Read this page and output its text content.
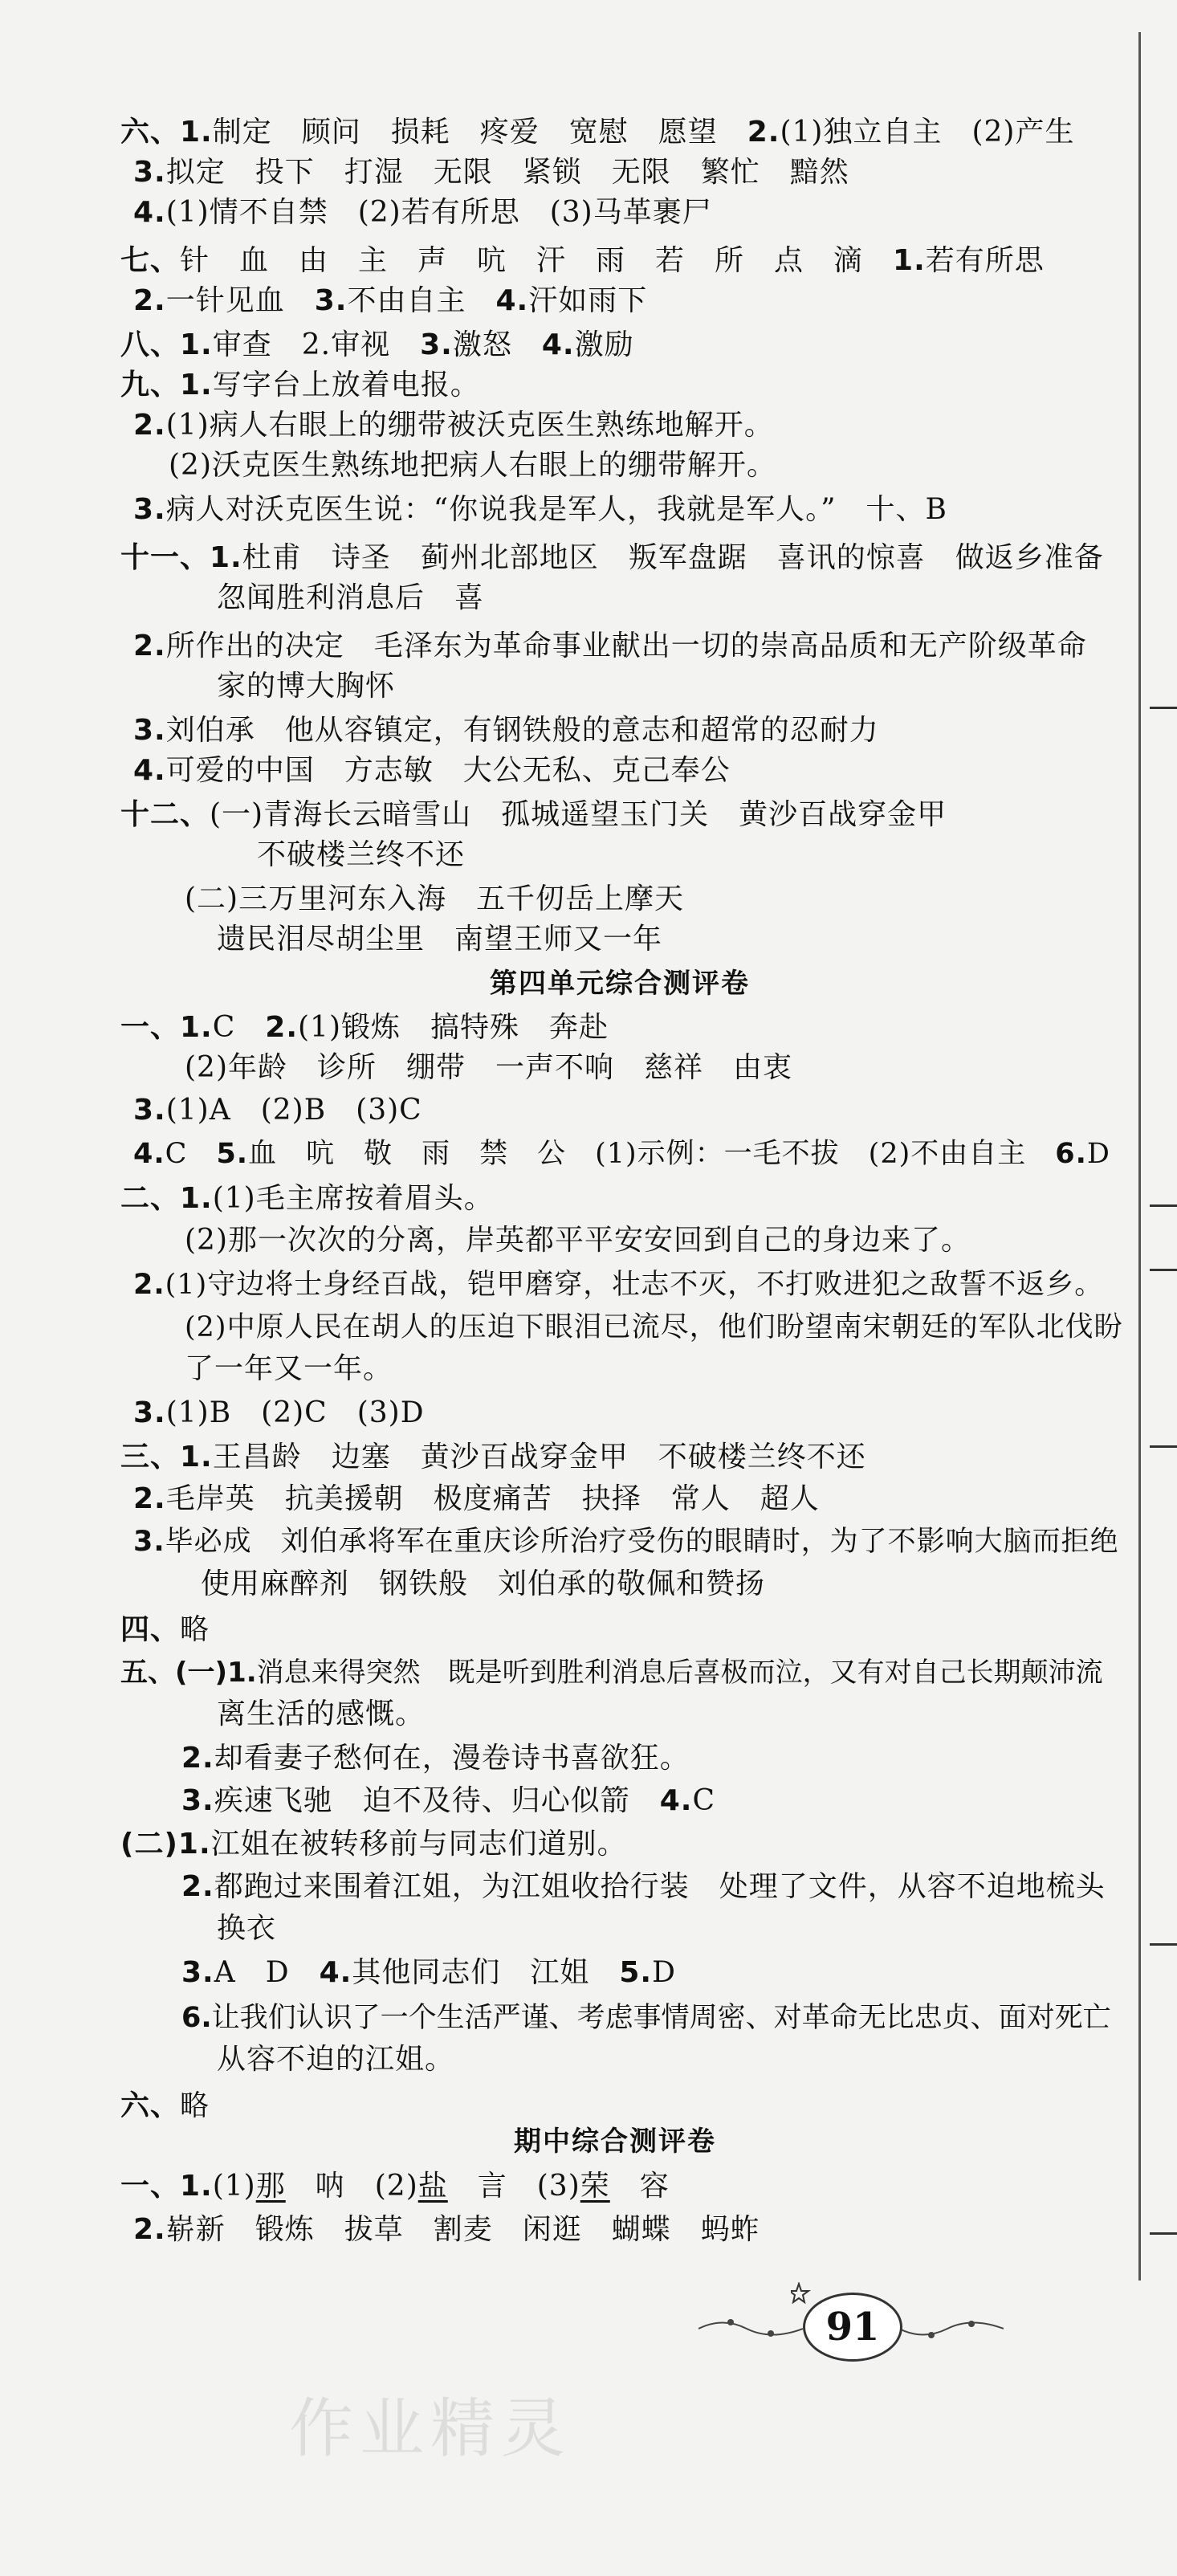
六、1.制定　顾问　损耗　疼爱　宽慰　愿望　2.(1)独立自主　(2)产生

3.拟定　投下　打湿　无限　紧锁　无限　繁忙　黯然

4.(1)情不自禁　(2)若有所思　(3)马革裹尸

七、针　血　由　主　声　吭　汗　雨　若　所　点　滴　1.若有所思

2.一针见血　3.不由自主　4.汗如雨下

八、1.审查　2.审视　3.激怒　4.激励

九、1.写字台上放着电报。

2.(1)病人右眼上的绷带被沃克医生熟练地解开。

(2)沃克医生熟练地把病人右眼上的绷带解开。

3.病人对沃克医生说：“你说我是军人，我就是军人。”　十、B

十一、1.杜甫　诗圣　蓟州北部地区　叛军盘踞　喜讯的惊喜　做返乡准备

忽闻胜利消息后　喜

2.所作出的决定　毛泽东为革命事业献出一切的崇高品质和无产阶级革命

家的博大胸怀

3.刘伯承　他从容镇定，有钢铁般的意志和超常的忍耐力

4.可爱的中国　方志敏　大公无私、克己奉公

十二、(一)青海长云暗雪山　孤城遥望玉门关　黄沙百战穿金甲

不破楼兰终不还

(二)三万里河东入海　五千仞岳上摩天

遗民泪尽胡尘里　南望王师又一年

一、1.C　2.(1)锻炼　搞特殊　奔赴

(2)年龄　诊所　绷带　一声不响　慈祥　由衷

3.(1)A　(2)B　(3)C

4.C　5.血　吭　敬　雨　禁　公　(1)示例：一毛不拔　(2)不由自主　6.D

二、1.(1)毛主席按着眉头。

(2)那一次次的分离，岸英都平平安安回到自己的身边来了。

2.(1)守边将士身经百战，铠甲磨穿，壮志不灭，不打败进犯之敌誓不返乡。

(2)中原人民在胡人的压迫下眼泪已流尽，他们盼望南宋朝廷的军队北伐盼

了一年又一年。

3.(1)B　(2)C　(3)D

三、1.王昌龄　边塞　黄沙百战穿金甲　不破楼兰终不还

2.毛岸英　抗美援朝　极度痛苦　抉择　常人　超人

3.毕必成　刘伯承将军在重庆诊所治疗受伤的眼睛时，为了不影响大脑而拒绝

使用麻醉剂　钢铁般　刘伯承的敬佩和赞扬

四、略

五、(一)1.消息来得突然　既是听到胜利消息后喜极而泣，又有对自己长期颠沛流

离生活的感慨。

2.却看妻子愁何在，漫卷诗书喜欲狂。

3.疾速飞驰　迫不及待、归心似箭　4.C

(二)1.江姐在被转移前与同志们道别。

2.都跑过来围着江姐，为江姐收拾行装　处理了文件，从容不迫地梳头

换衣

3.A　D　4.其他同志们　江姐　5.D

6.让我们认识了一个生活严谨、考虑事情周密、对革命无比忠贞、面对死亡

从容不迫的江姐。

六、略

一、1.(1)那　呐　(2)盐　言　(3)荣　容

2.崭新　锻炼　拔草　割麦　闲逛　蝴蝶　蚂蚱

第四单元综合测评卷
期中综合测评卷
91
作业精灵
